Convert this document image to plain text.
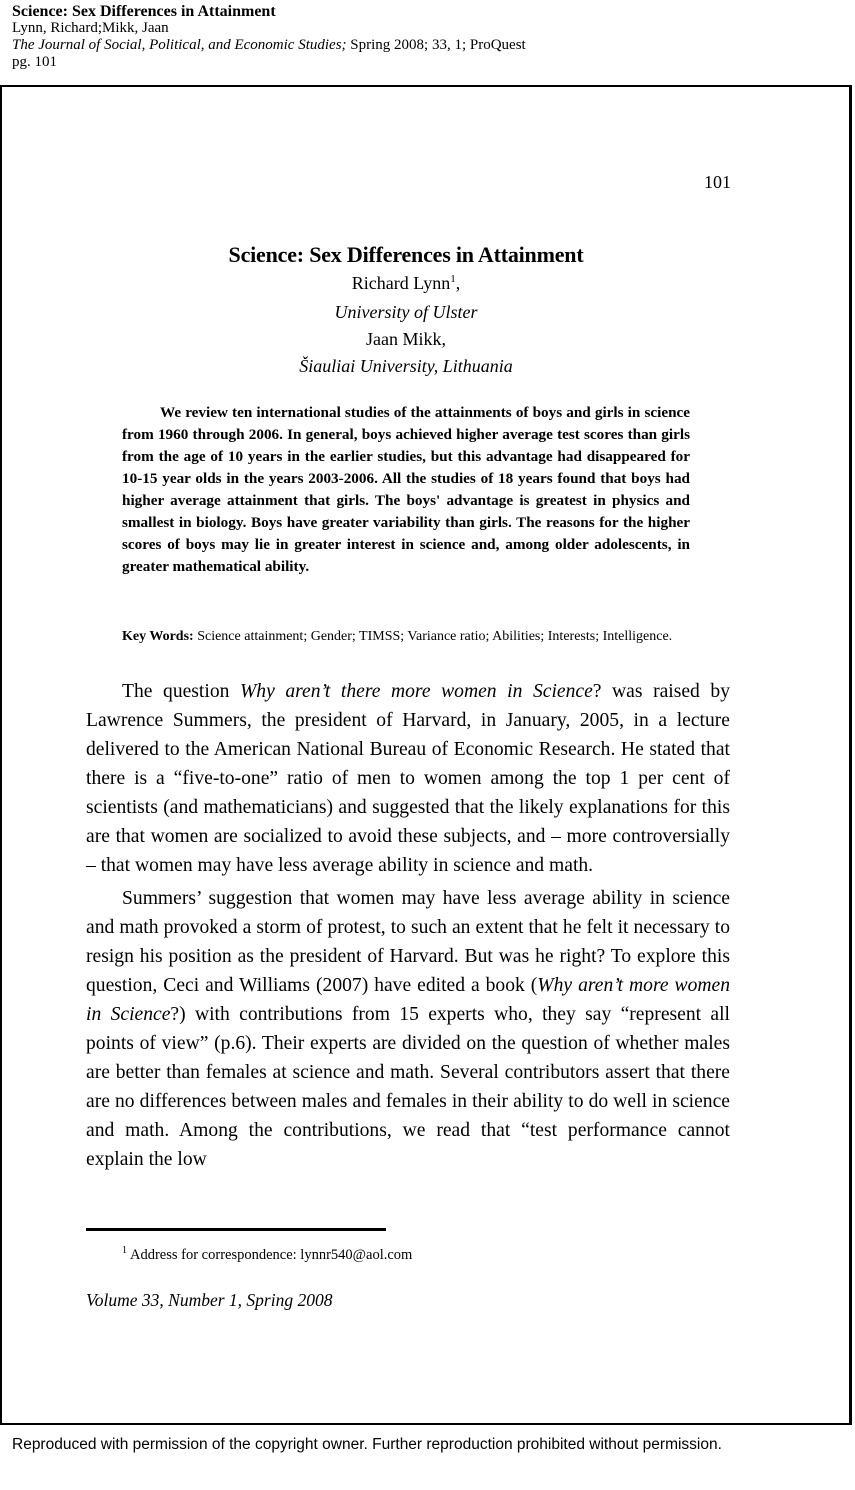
Science: Sex Differences in Attainment
Lynn, Richard;Mikk, Jaan
The Journal of Social, Political, and Economic Studies; Spring 2008; 33, 1; ProQuest
pg. 101
101
Science: Sex Differences in Attainment
Richard Lynn$^1$,
University of Ulster
Jaan Mikk,
Šiauliai University, Lithuania

We review ten international studies of the attainments of boys and girls in science from 1960 through 2006. In general, boys achieved higher average test scores than girls from the age of 10 years in the earlier studies, but this advantage had disappeared for 10-15 year olds in the years 2003-2006. All the studies of 18 years found that boys had higher average attainment that girls. The boys' advantage is greatest in physics and smallest in biology. Boys have greater variability than girls. The reasons for the higher scores of boys may lie in greater interest in science and, among older adolescents, in greater mathematical ability.

Key Words: Science attainment; Gender; TIMSS; Variance ratio; Abilities; Interests; Intelligence.

The question Why aren’t there more women in Science? was raised by Lawrence Summers, the president of Harvard, in January, 2005, in a lecture delivered to the American National Bureau of Economic Research. He stated that there is a “five-to-one” ratio of men to women among the top 1 per cent of scientists (and mathematicians) and suggested that the likely explanations for this are that women are socialized to avoid these subjects, and – more controversially – that women may have less average ability in science and math.

Summers’ suggestion that women may have less average ability in science and math provoked a storm of protest, to such an extent that he felt it necessary to resign his position as the president of Harvard. But was he right? To explore this question, Ceci and Williams (2007) have edited a book (Why aren’t more women in Science?) with contributions from 15 experts who, they say “represent all points of view” (p.6). Their experts are divided on the question of whether males are better than females at science and math. Several contributors assert that there are no differences between males and females in their ability to do well in science and math. Among the contributions, we read that “test performance cannot explain the low

$^1$ Address for correspondence: lynnr540@aol.com
Volume 33, Number 1, Spring 2008
Reproduced with permission of the copyright owner. Further reproduction prohibited without permission.
